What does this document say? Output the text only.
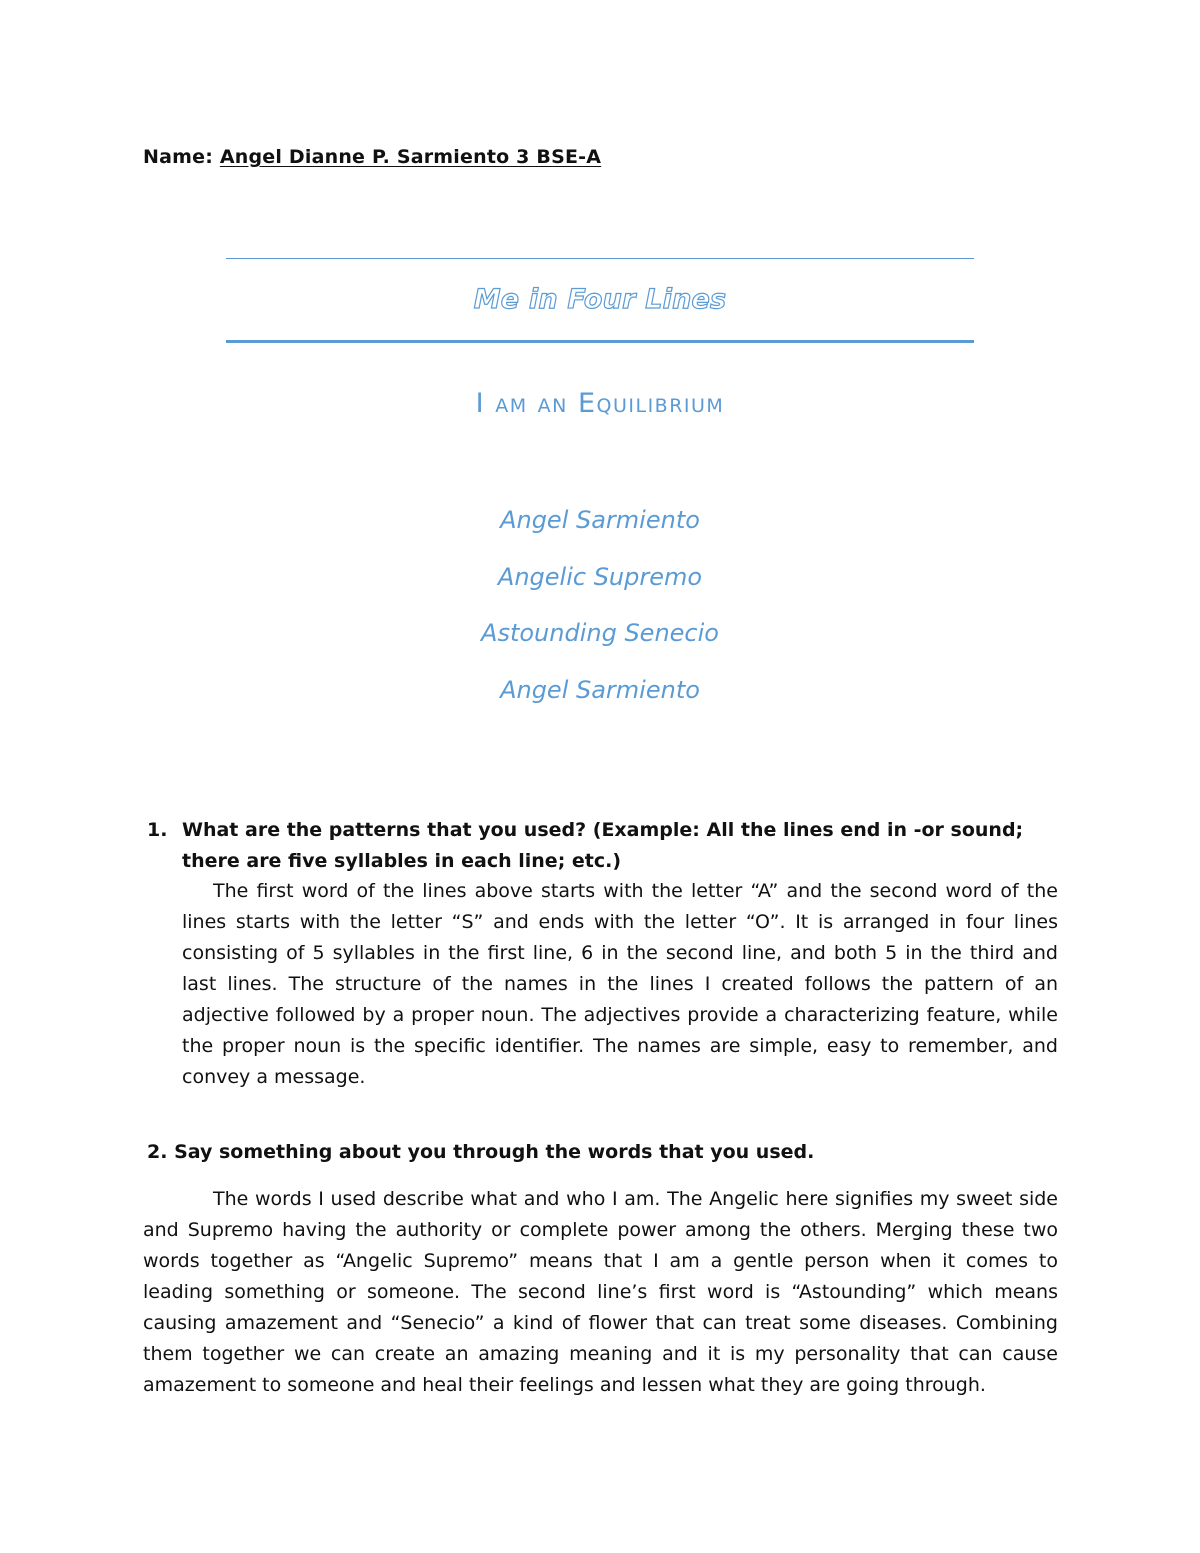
Name: Angel Dianne P. Sarmiento 3 BSE-A
Me in Four Lines
I am an Equilibrium
Angel Sarmiento
Angelic Supremo
Astounding Senecio
Angel Sarmiento
1. What are the patterns that you used? (Example: All the lines end in -or sound; there are five syllables in each line; etc.)

The first word of the lines above starts with the letter “A” and the second word of the lines starts with the letter “S” and ends with the letter “O”. It is arranged in four lines consisting of 5 syllables in the first line, 6 in the second line, and both 5 in the third and last lines. The structure of the names in the lines I created follows the pattern of an adjective followed by a proper noun. The adjectives provide a characterizing feature, while the proper noun is the specific identifier. The names are simple, easy to remember, and convey a message.

2. Say something about you through the words that you used.

The words I used describe what and who I am. The Angelic here signifies my sweet side and Supremo having the authority or complete power among the others. Merging these two words together as “Angelic Supremo” means that I am a gentle person when it comes to leading something or someone. The second line’s first word is “Astounding” which means causing amazement and “Senecio” a kind of flower that can treat some diseases. Combining them together we can create an amazing meaning and it is my personality that can cause amazement to someone and heal their feelings and lessen what they are going through.
